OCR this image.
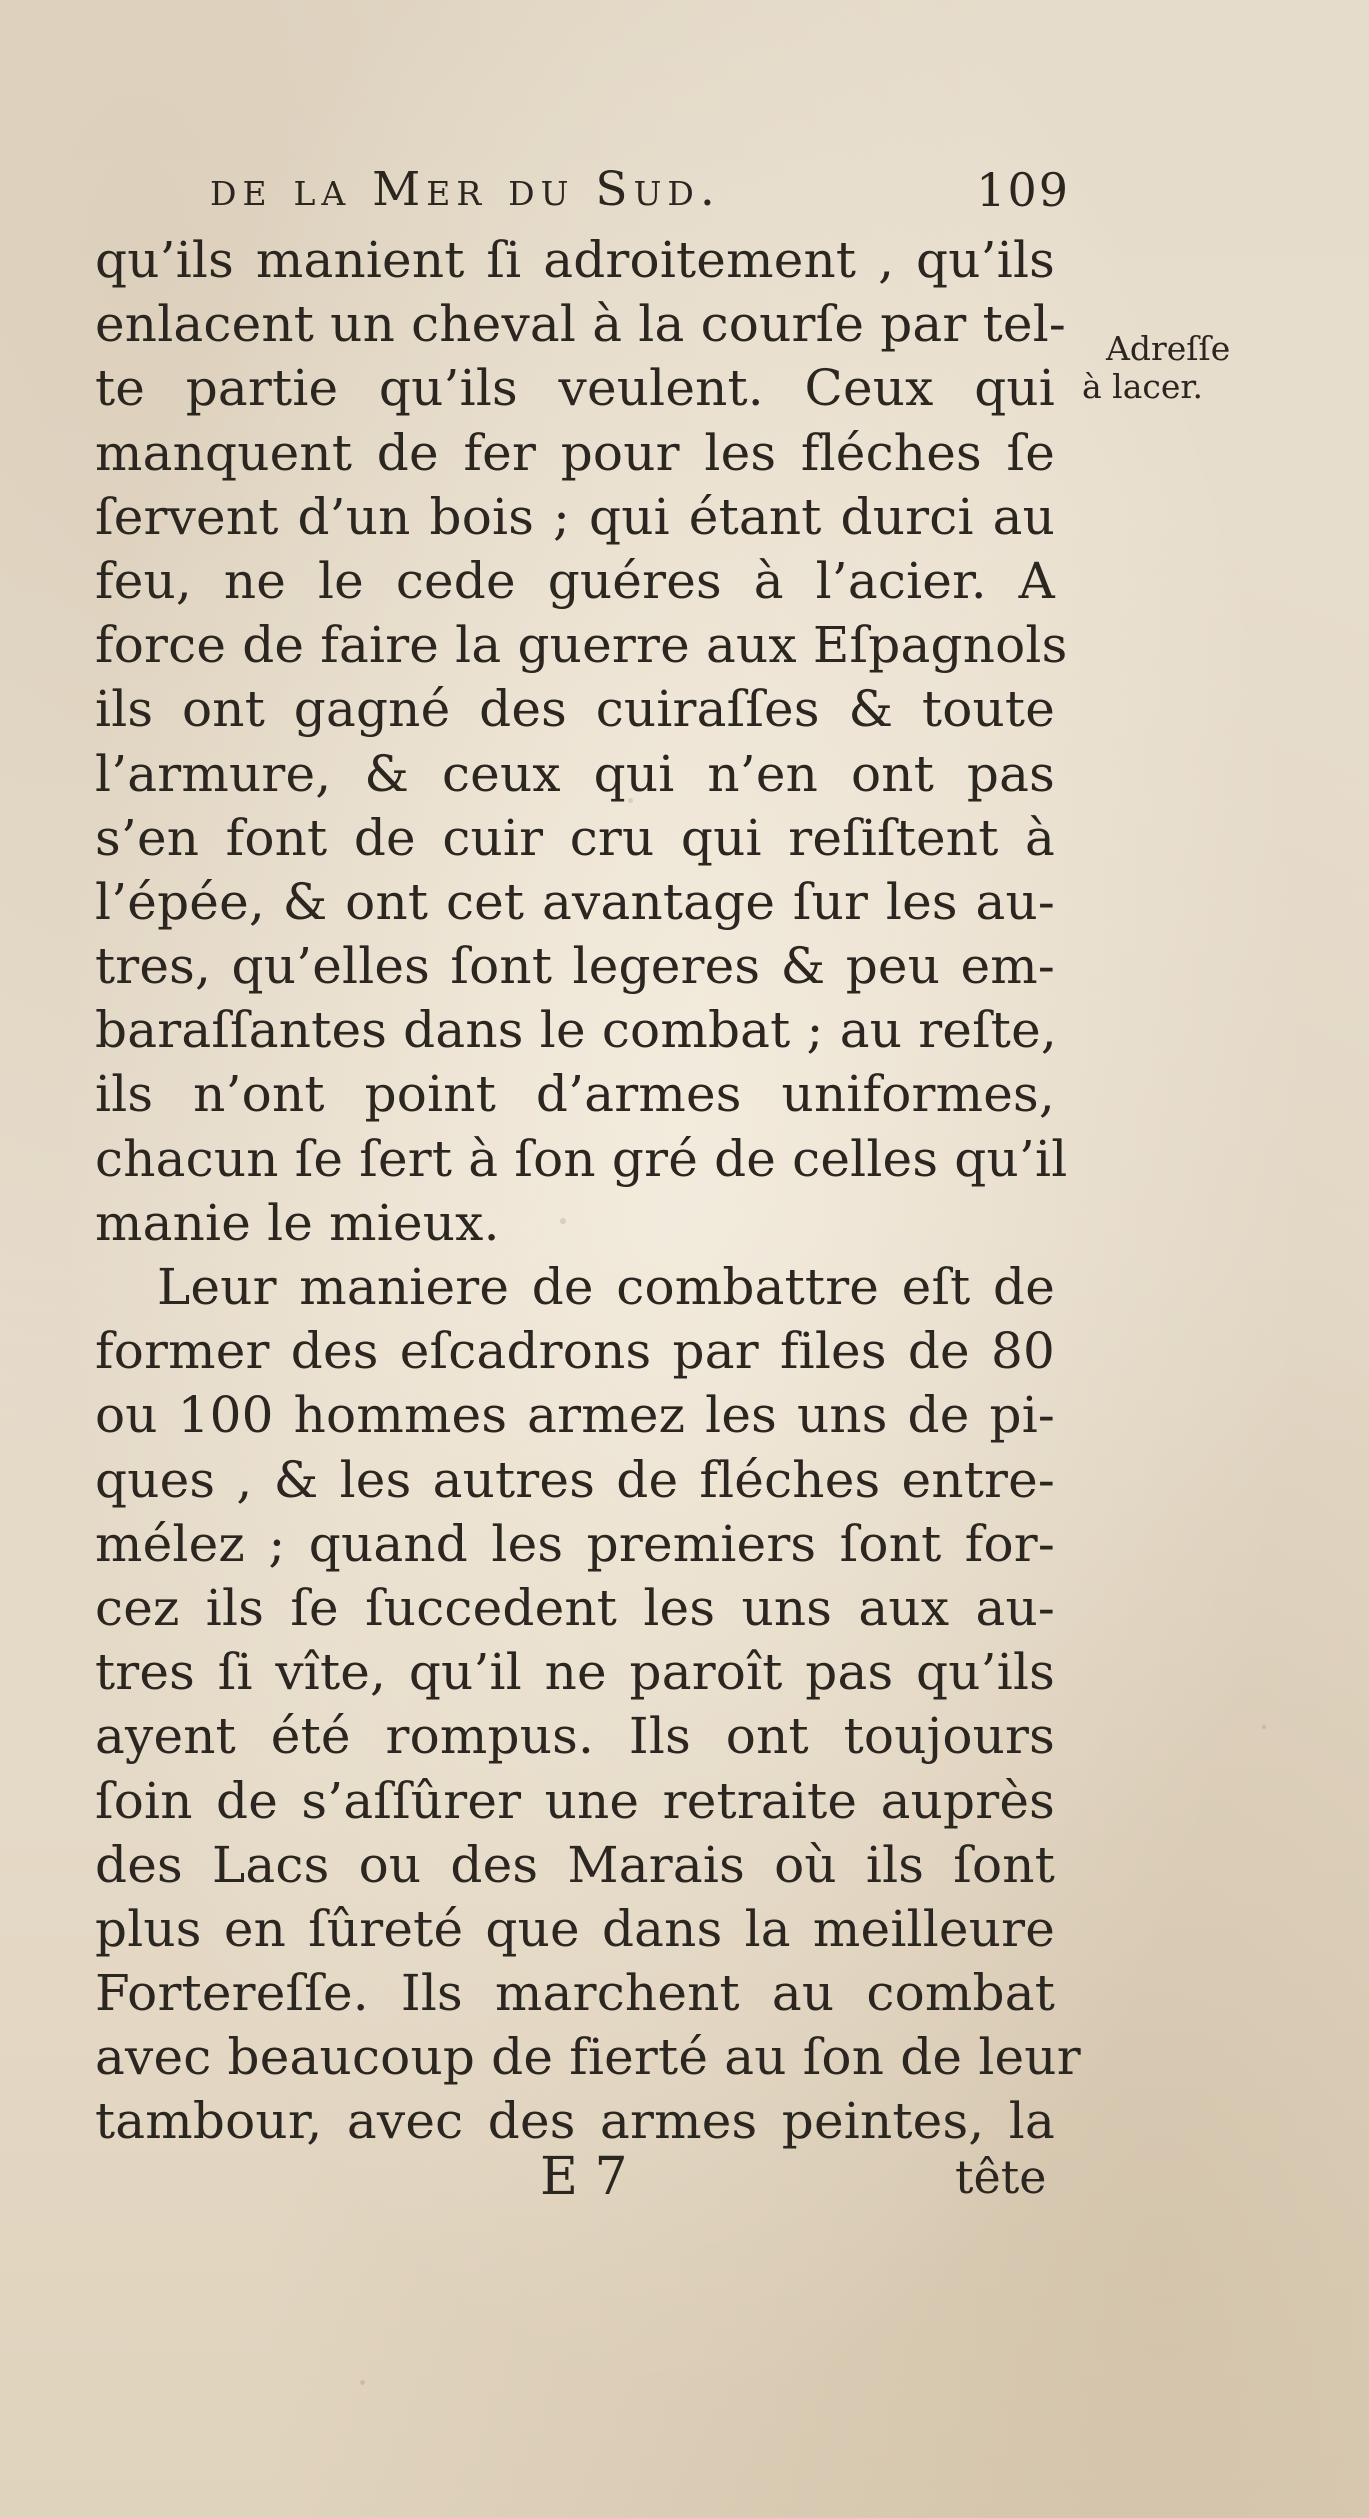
de la Mer du Sud.	109
qu’ils manient ſi adroitement , qu’ils
enlacent un cheval à la courſe par tel-
te partie qu’ils veulent. Ceux qui
manquent de fer pour les fléches ſe
ſervent d’un bois ; qui étant durci au
feu, ne le cede guéres à l’acier. A
force de faire la guerre aux Eſpagnols
ils ont gagné des cuiraſſes & toute
l’armure, & ceux qui n’en ont pas
s’en font de cuir cru qui reſiſtent à
l’épée, & ont cet avantage ſur les au-
tres, qu’elles ſont legeres & peu em-
baraſſantes dans le combat ; au reſte,
ils n’ont point d’armes uniformes,
chacun ſe ſert à ſon gré de celles qu’il
manie le mieux.
Leur maniere de combattre eſt de
former des eſcadrons par files de 80
ou 100 hommes armez les uns de pi-
ques , & les autres de fléches entre-
mélez ; quand les premiers ſont for-
cez ils ſe ſuccedent les uns aux au-
tres ſi vîte, qu’il ne paroît pas qu’ils
ayent été rompus. Ils ont toujours
ſoin de s’aſſûrer une retraite auprès
des Lacs ou des Marais où ils ſont
plus en ſûreté que dans la meilleure
Fortereſſe. Ils marchent au combat
avec beaucoup de fierté au ſon de leur
tambour, avec des armes peintes, la
Adreſſe
à lacer.
E 7	tête
